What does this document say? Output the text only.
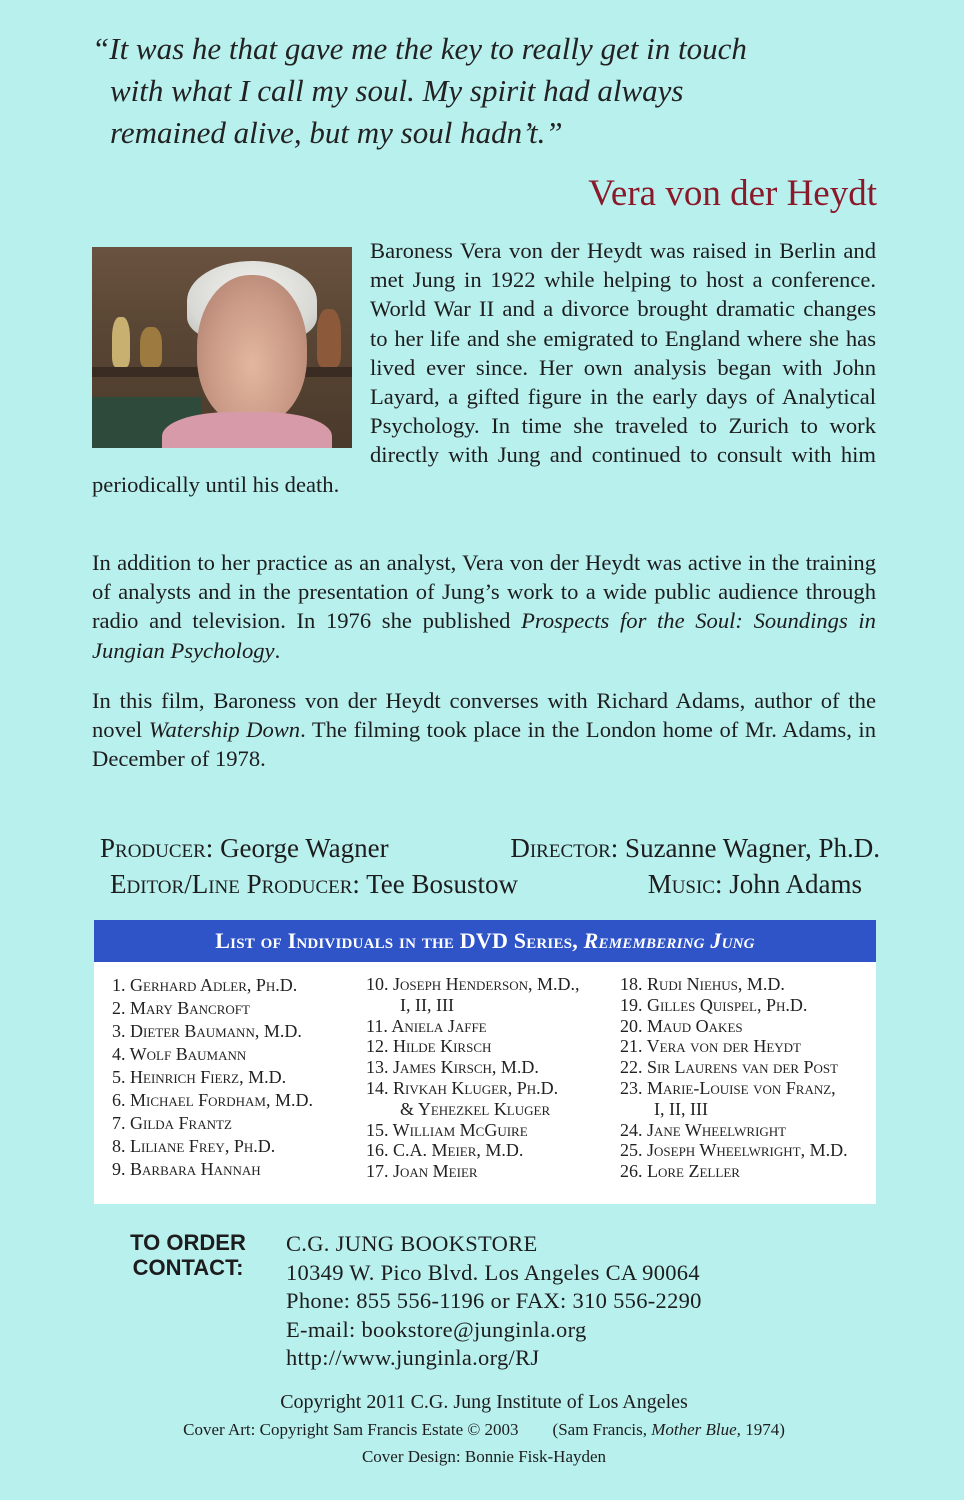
“It was he that gave me the key to really get in touch
with what I call my soul. My spirit had always
remained alive, but my soul hadn’t.”
Vera von der Heydt
Baroness Vera von der Heydt was raised in Berlin and met Jung in 1922 while helping to host a conference. World War II and a divorce brought dramatic changes to her life and she emigrated to England where she has lived ever since. Her own analysis began with John Layard, a gifted figure in the early days of Analytical Psychology. In time she traveled to Zurich to work directly with Jung and continued to consult with him periodically until his death.
In addition to her practice as an analyst, Vera von der Heydt was active in the training of analysts and in the presentation of Jung’s work to a wide public audience through radio and television. In 1976 she published Prospects for the Soul: Soundings in Jungian Psychology.
In this film, Baroness von der Heydt converses with Richard Adams, author of the novel Watership Down. The filming took place in the London home of Mr. Adams, in December of 1978.
Producer: George Wagner	Director: Suzanne Wagner, Ph.D.
Editor/Line Producer: Tee Bosustow	Music: John Adams
List of Individuals in the DVD Series,
Remembering Jung
1. Gerhard Adler, Ph.D.
2. Mary Bancroft
3. Dieter Baumann, M.D.
4. Wolf Baumann
5. Heinrich Fierz, M.D.
6. Michael Fordham, M.D.
7. Gilda Frantz
8. Liliane Frey, Ph.D.
9. Barbara Hannah
10. Joseph Henderson, M.D.,
I, II, III
11. Aniela Jaffe
12. Hilde Kirsch
13. James Kirsch, M.D.
14. Rivkah Kluger, Ph.D.
& Yehezkel Kluger
15. William McGuire
16. C.A. Meier, M.D.
17. Joan Meier
18. Rudi Niehus, M.D.
19. Gilles Quispel, Ph.D.
20. Maud Oakes
21. Vera von der Heydt
22. Sir Laurens van der Post
23. Marie-Louise von Franz,
I, II, III
24. Jane Wheelwright
25. Joseph Wheelwright, M.D.
26. Lore Zeller
TO ORDER
CONTACT:
C.G. JUNG BOOKSTORE
10349 W. Pico Blvd. Los Angeles CA 90064
Phone: 855 556-1196 or FAX: 310 556-2290
E-mail: bookstore@junginla.org
http://www.junginla.org/RJ
Copyright 2011 C.G. Jung Institute of Los Angeles
Cover Art: Copyright Sam Francis Estate © 2003 (Sam Francis, Mother Blue, 1974)
Cover Design: Bonnie Fisk-Hayden
